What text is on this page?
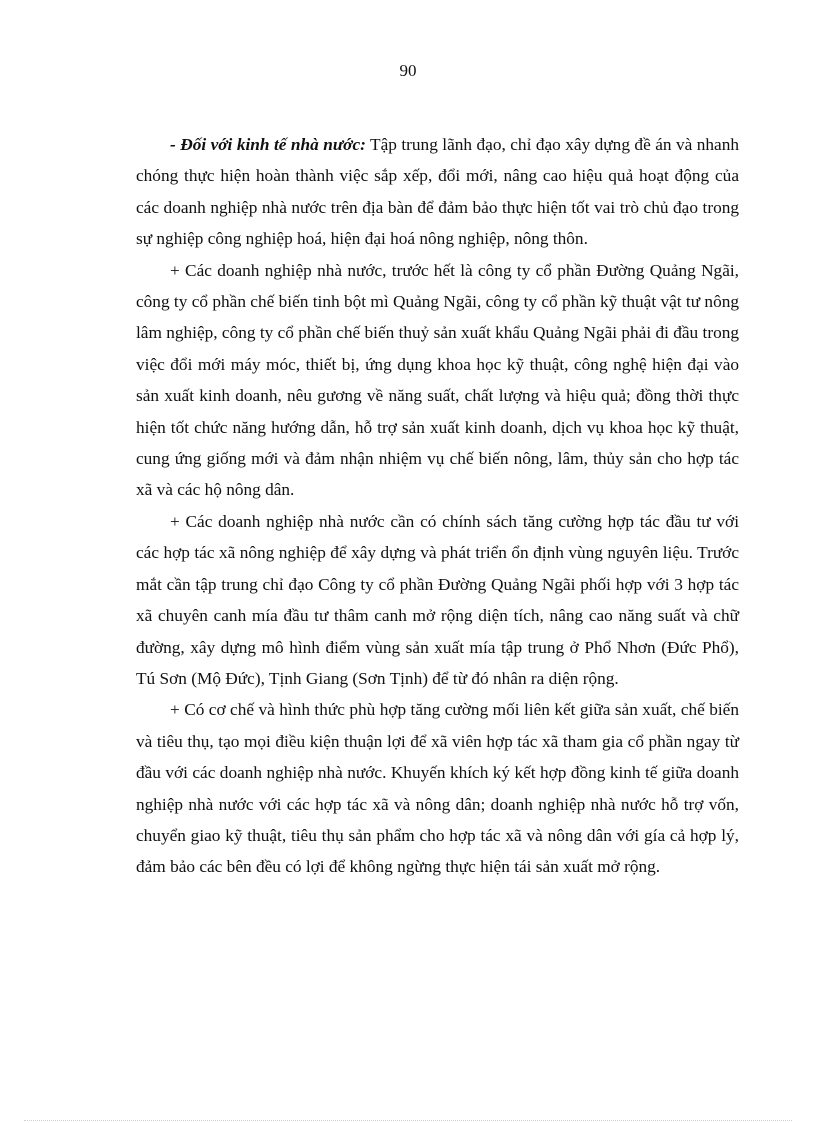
90

- Đối với kinh tế nhà nước: Tập trung lãnh đạo, chỉ đạo xây dựng đề án và nhanh chóng thực hiện hoàn thành việc sắp xếp, đổi mới, nâng cao hiệu quả hoạt động của các doanh nghiệp nhà nước trên địa bàn để đảm bảo thực hiện tốt vai trò chủ đạo trong sự nghiệp công nghiệp hoá, hiện đại hoá nông nghiệp, nông thôn.

+ Các doanh nghiệp nhà nước, trước hết là công ty cổ phần Đường Quảng Ngãi, công ty cổ phần chế biến tinh bột mì Quảng Ngãi, công ty cổ phần kỹ thuật vật tư nông lâm nghiệp, công ty cổ phần chế biến thuỷ sản xuất khẩu Quảng Ngãi phải đi đầu trong việc đổi mới máy móc, thiết bị, ứng dụng khoa học kỹ thuật, công nghệ hiện đại vào sản xuất kinh doanh, nêu gương về năng suất, chất lượng và hiệu quả; đồng thời thực hiện tốt chức năng hướng dẫn, hỗ trợ sản xuất kinh doanh, dịch vụ khoa học kỹ thuật, cung ứng giống mới và đảm nhận nhiệm vụ chế biến nông, lâm, thủy sản cho hợp tác xã và các hộ nông dân.

+ Các doanh nghiệp nhà nước cần có chính sách tăng cường hợp tác đầu tư với các hợp tác xã nông nghiệp để xây dựng và phát triển ổn định vùng nguyên liệu. Trước mắt cần tập trung chỉ đạo Công ty cổ phần Đường Quảng Ngãi phối hợp với 3 hợp tác xã chuyên canh mía đầu tư thâm canh mở rộng diện tích, nâng cao năng suất và chữ đường, xây dựng mô hình điểm vùng sản xuất mía tập trung ở Phổ Nhơn (Đức Phổ), Tú Sơn (Mộ Đức), Tịnh Giang (Sơn Tịnh) để từ đó nhân ra diện rộng.

+ Có cơ chế và hình thức phù hợp tăng cường mối liên kết giữa sản xuất, chế biến và tiêu thụ, tạo mọi điều kiện thuận lợi để xã viên hợp tác xã tham gia cổ phần ngay từ đầu với các doanh nghiệp nhà nước. Khuyến khích ký kết hợp đồng kinh tế giữa doanh nghiệp nhà nước với các hợp tác xã và nông dân; doanh nghiệp nhà nước hỗ trợ vốn, chuyển giao kỹ thuật, tiêu thụ sản phẩm cho hợp tác xã và nông dân với gía cả hợp lý, đảm bảo các bên đều có lợi để không ngừng thực hiện tái sản xuất mở rộng.
